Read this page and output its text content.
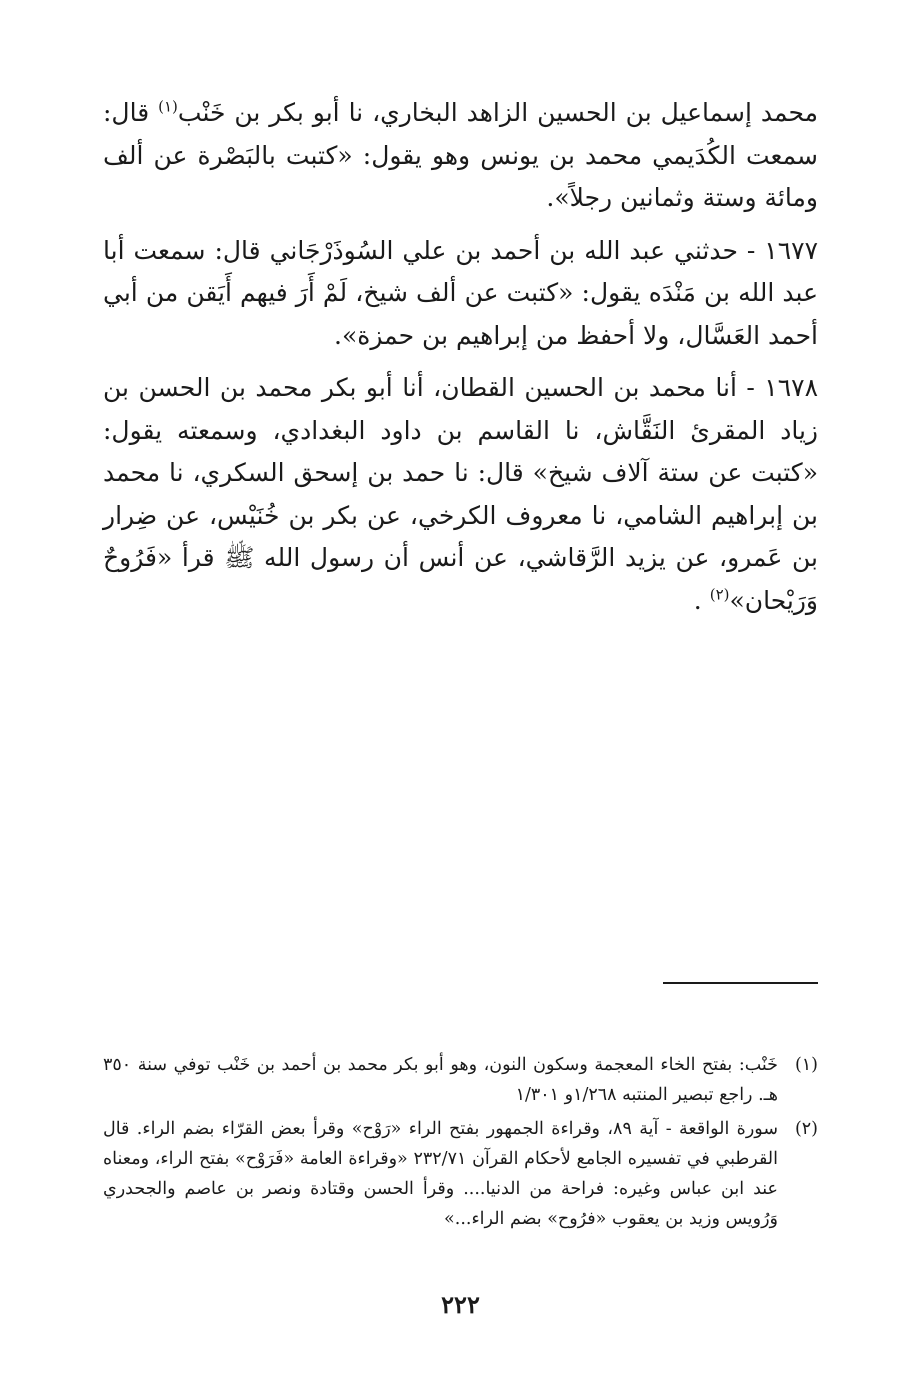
محمد إسماعيل بن الحسين الزاهد البخاري، نا أبو بكر بن خَنْب$^{(١)}$ قال: سمعت الكُدَيمي محمد بن يونس وهو يقول: «كتبت بالبَصْرة عن ألف ومائة وستة وثمانين رجلاً».

١٦٧٧ - حدثني عبد الله بن أحمد بن علي السُوذَرْجَاني قال: سمعت أبا عبد الله بن مَنْدَه يقول: «كتبت عن ألف شيخ، لَمْ أَرَ فيهم أَيَقن من أبي أحمد العَسَّال، ولا أحفظ من إبراهيم بن حمزة».

١٦٧٨ - أنا محمد بن الحسين القطان، أنا أبو بكر محمد بن الحسن بن زياد المقرئ النَقَّاش، نا القاسم بن داود البغدادي، وسمعته يقول: «كتبت عن ستة آلاف شيخ» قال: نا حمد بن إسحق السكري، نا محمد بن إبراهيم الشامي، نا معروف الكرخي، عن بكر بن خُنَيْس، عن ضِرار بن عَمرو، عن يزيد الرَّقاشي، عن أنس أن رسول الله ﷺ قرأ «فَرُوحٌ وَرَيْحان»$^{(٢)}$ .

(١)
خَنْب: بفتح الخاء المعجمة وسكون النون، وهو أبو بكر محمد بن أحمد بن خَنْب توفي سنة ٣٥٠ هـ. راجع تبصير المنتبه ١/٢٦٨و ١/٣٠١
(٢)
سورة الواقعة - آية ٨٩، وقراءة الجمهور بفتح الراء «رَوْح» وقرأ بعض القرّاء بضم الراء. قال القرطبي في تفسيره الجامع لأحكام القرآن ٢٣٢/٧١ «وقراءة العامة «فَرَوْح» بفتح الراء، ومعناه عند ابن عباس وغيره: فراحة من الدنيا.... وقرأ الحسن وقتادة ونصر بن عاصم والجحدري وَرُويس وزيد بن يعقوب «فرُوح» بضم الراء...»
٢٢٢
